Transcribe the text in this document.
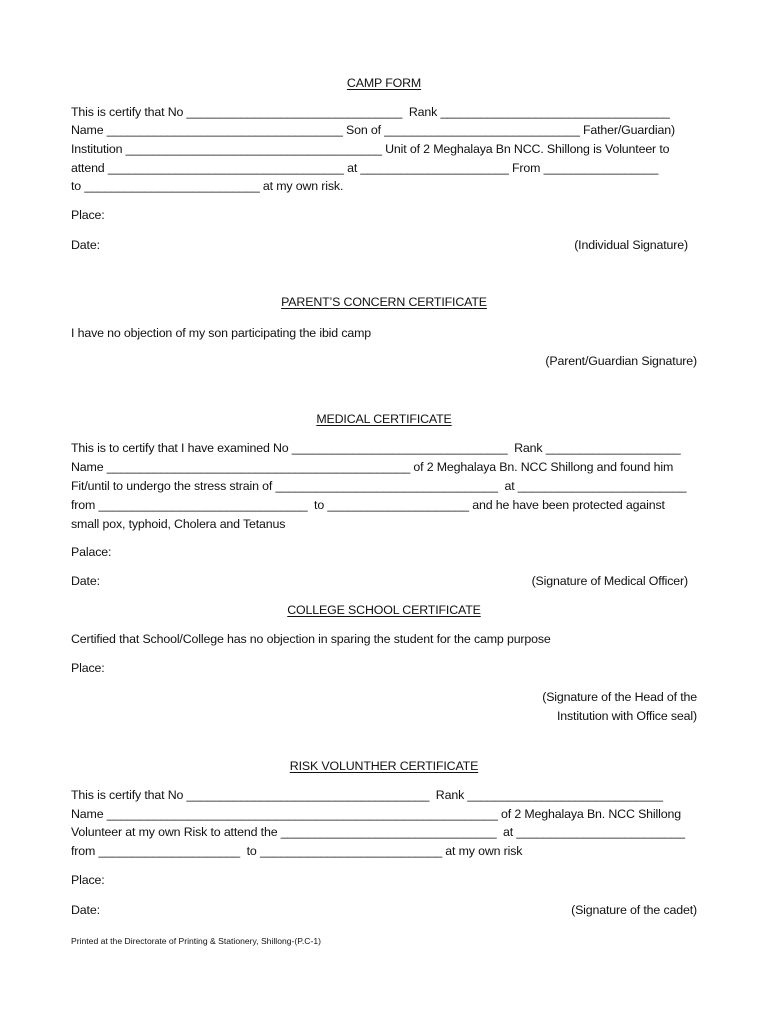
CAMP FORM
This is certify that No ________________________________  Rank __________________________________
Name ___________________________________ Son of _____________________________ Father/Guardian)
Institution ______________________________________ Unit of 2 Meghalaya Bn NCC. Shillong is Volunteer to
attend ___________________________________ at ______________________ From _________________
to __________________________ at my own risk.
Place:
Date:	(Individual Signature)
PARENT’S CONCERN CERTIFICATE
I have no objection of my son participating the ibid camp
(Parent/Guardian Signature)
MEDICAL CERTIFICATE
This is to certify that I have examined No ________________________________  Rank ____________________
Name _____________________________________________ of 2 Meghalaya Bn. NCC Shillong and found him
Fit/until to undergo the stress strain of _________________________________  at _________________________
from _______________________________  to _____________________ and he have been protected against
small pox, typhoid, Cholera and Tetanus
Palace:
Date:	(Signature of Medical Officer)
COLLEGE SCHOOL CERTIFICATE
Certified that School/College has no objection in sparing the student for the camp purpose
Place:
(Signature of the Head of the
Institution with Office seal)
RISK VOLUNTHER CERTIFICATE
This is certify that No ____________________________________  Rank _____________________________
Name __________________________________________________________ of 2 Meghalaya Bn. NCC Shillong
Volunteer at my own Risk to attend the ________________________________  at _________________________
from _____________________  to ___________________________ at my own risk
Place:
Date:	(Signature of the cadet)
Printed at the Directorate of Printing & Stationery, Shillong-(P.C-1)
